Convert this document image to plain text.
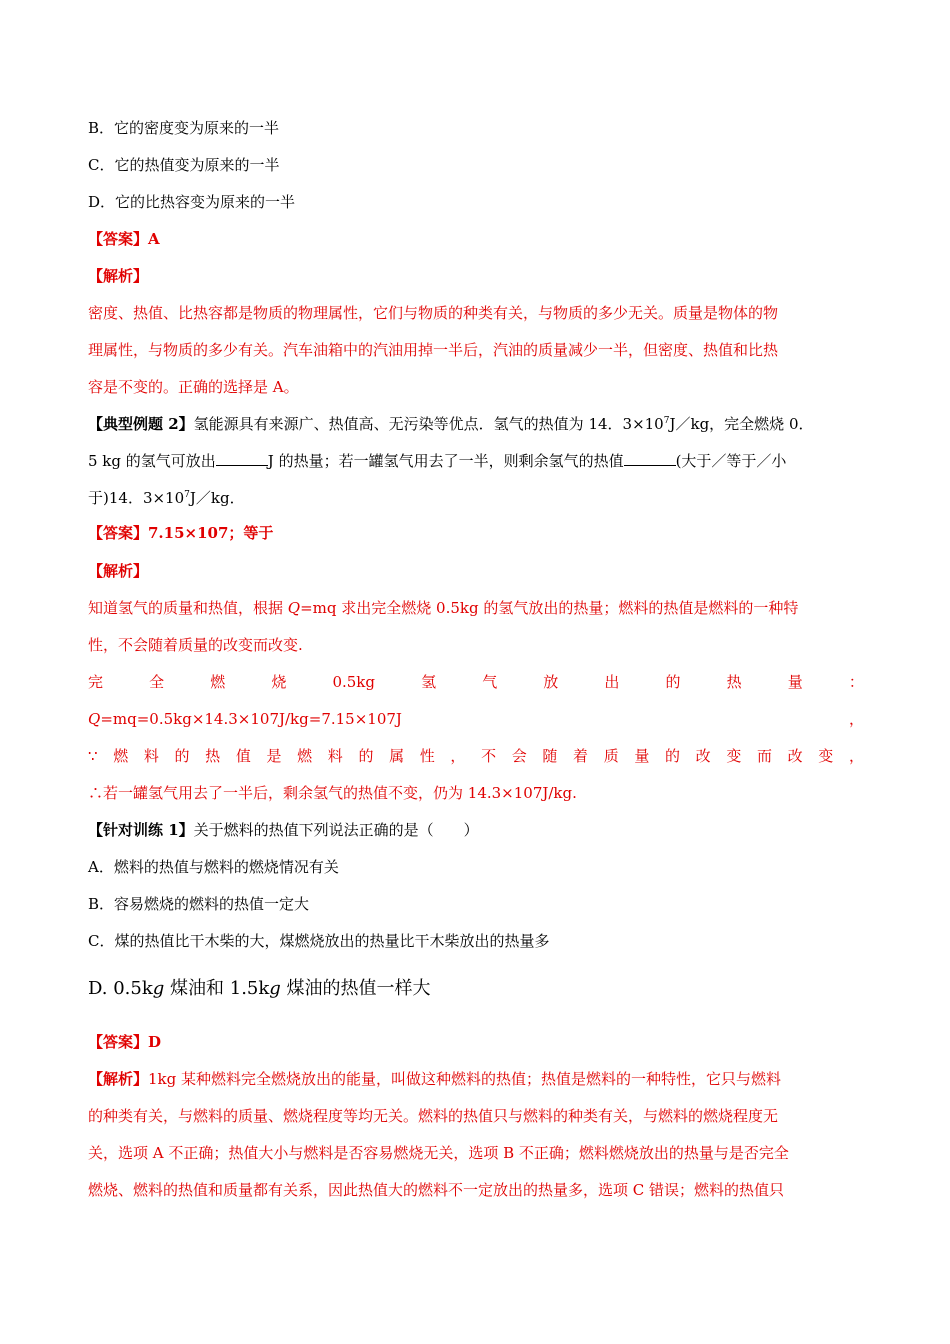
B．它的密度变为原来的一半
C．它的热值变为原来的一半
D．它的比热容变为原来的一半
【答案】A
【解析】
密度、热值、比热容都是物质的物理属性，它们与物质的种类有关，与物质的多少无关。质量是物体的物
理属性，与物质的多少有关。汽车油箱中的汽油用掉一半后，汽油的质量减少一半，但密度、热值和比热
容是不变的。正确的选择是 A。
【典型例题 2】氢能源具有来源广、热值高、无污染等优点．氢气的热值为 14．$3\times 10^7J/kg$，完全燃烧 0．
5 kg 的氢气可放出	J 的热量；若一罐氢气用去了一半，则剩余氢气的热值	(大于／等于／小
于)14．$3\times 10^7J/kg$．
【答案】7.15×107；等于
【解析】
知道氢气的质量和热值，根据 Q=mq 求出完全燃烧 0.5kg 的氢气放出的热量；燃料的热值是燃料的一种特
性，不会随着质量的改变而改变.
完	全	燃	烧	0.5kg	氢	气	放	出	的	热	量	：
Q=mq=0.5kg×14.3×107J/kg=7.15×107J	，
∵ 燃 料 的 热 值 是 燃 料 的 属 性 ， 不 会 随 着 质 量 的 改 变 而 改 变 ，
∴若一罐氢气用去了一半后，剩余氢气的热值不变，仍为 14.3×107J/kg.
【针对训练 1】关于燃料的热值下列说法正确的是（　　）
A．燃料的热值与燃料的燃烧情况有关
B．容易燃烧的燃料的热值一定大
C．煤的热值比干木柴的大，煤燃烧放出的热量比干木柴放出的热量多
D. 0.5kg 煤油和 1.5kg 煤油的热值一样大
【答案】D
【解析】1kg 某种燃料完全燃烧放出的能量，叫做这种燃料的热值；热值是燃料的一种特性，它只与燃料
的种类有关，与燃料的质量、燃烧程度等均无关。燃料的热值只与燃料的种类有关，与燃料的燃烧程度无
关，选项 A 不正确；热值大小与燃料是否容易燃烧无关，选项 B 不正确；燃料燃烧放出的热量与是否完全
燃烧、燃料的热值和质量都有关系，因此热值大的燃料不一定放出的热量多，选项 C 错误；燃料的热值只
